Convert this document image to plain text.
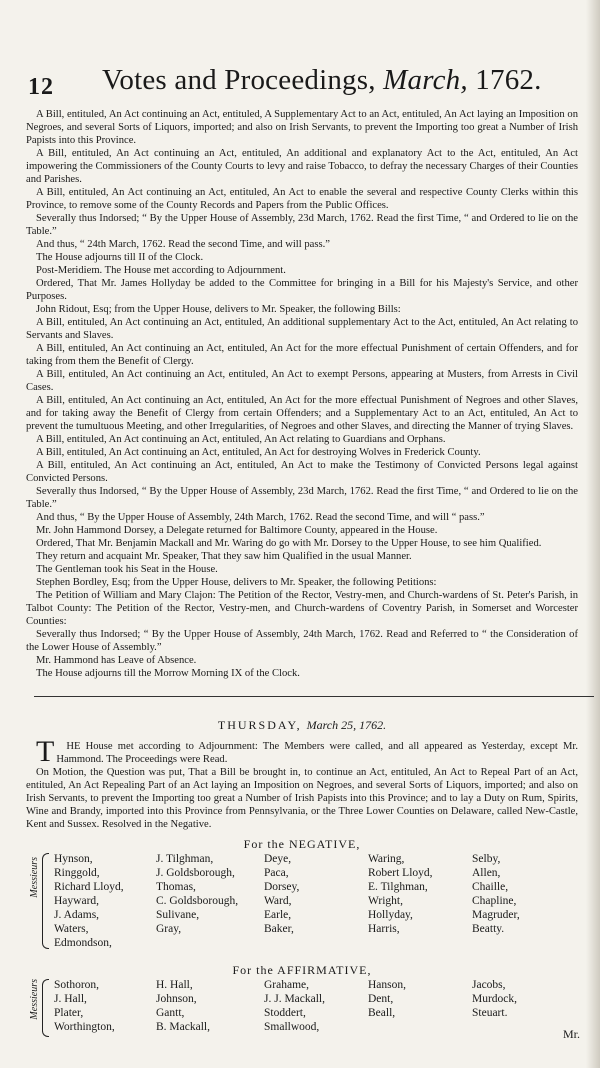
12 Votes and Proceedings, March, 1762.

A Bill, entituled, An Act continuing an Act, entituled, A Supplementary Act to an Act, entituled, An Act laying an Imposition on Negroes, and several Sorts of Liquors, imported; and also on Irish Servants, to prevent the Importing too great a Number of Irish Papists into this Province.

A Bill, entituled, An Act continuing an Act, entituled, An additional and explanatory Act to the Act, entituled, An Act impowering the Commissioners of the County Courts to levy and raise Tobacco, to defray the necessary Charges of their Counties and Parishes.

A Bill, entituled, An Act continuing an Act, entituled, An Act to enable the several and respective County Clerks within this Province, to remove some of the County Records and Papers from the Public Offices.

Severally thus Indorsed; “ By the Upper House of Assembly, 23d March, 1762. Read the first Time, “ and Ordered to lie on the Table.”

And thus, “ 24th March, 1762. Read the second Time, and will pass.”

The House adjourns till II of the Clock.

Post-Meridiem. The House met according to Adjournment.

Ordered, That Mr. James Hollyday be added to the Committee for bringing in a Bill for his Majesty's Service, and other Purposes.

John Ridout, Esq; from the Upper House, delivers to Mr. Speaker, the following Bills:

A Bill, entituled, An Act continuing an Act, entituled, An additional supplementary Act to the Act, entituled, An Act relating to Servants and Slaves.

A Bill, entituled, An Act continuing an Act, entituled, An Act for the more effectual Punishment of certain Offenders, and for taking from them the Benefit of Clergy.

A Bill, entituled, An Act continuing an Act, entituled, An Act to exempt Persons, appearing at Musters, from Arrests in Civil Cases.

A Bill, entituled, An Act continuing an Act, entituled, An Act for the more effectual Punishment of Negroes and other Slaves, and for taking away the Benefit of Clergy from certain Offenders; and a Supplementary Act to an Act, entituled, An Act to prevent the tumultuous Meeting, and other Irregularities, of Negroes and other Slaves, and directing the Manner of trying Slaves.

A Bill, entituled, An Act continuing an Act, entituled, An Act relating to Guardians and Orphans.

A Bill, entituled, An Act continuing an Act, entituled, An Act for destroying Wolves in Frederick County.

A Bill, entituled, An Act continuing an Act, entituled, An Act to make the Testimony of Convicted Persons legal against Convicted Persons.

Severally thus Indorsed, “ By the Upper House of Assembly, 23d March, 1762. Read the first Time, “ and Ordered to lie on the Table.”

And thus, “ By the Upper House of Assembly, 24th March, 1762. Read the second Time, and will “ pass.”

Mr. John Hammond Dorsey, a Delegate returned for Baltimore County, appeared in the House.

Ordered, That Mr. Benjamin Mackall and Mr. Waring do go with Mr. Dorsey to the Upper House, to see him Qualified.

They return and acquaint Mr. Speaker, That they saw him Qualified in the usual Manner.

The Gentleman took his Seat in the House.

Stephen Bordley, Esq; from the Upper House, delivers to Mr. Speaker, the following Petitions:

The Petition of William and Mary Clajon: The Petition of the Rector, Vestry-men, and Church-wardens of St. Peter's Parish, in Talbot County: The Petition of the Rector, Vestry-men, and Church-wardens of Coventry Parish, in Somerset and Worcester Counties:

Severally thus Indorsed; “ By the Upper House of Assembly, 24th March, 1762. Read and Referred to “ the Consideration of the Lower House of Assembly.”

Mr. Hammond has Leave of Absence.

The House adjourns till the Morrow Morning IX of the Clock.

THURSDAY, March 25, 1762.

T HE House met according to Adjournment: The Members were called, and all appeared as Yesterday, except Mr. Hammond. The Proceedings were Read.

On Motion, the Question was put, That a Bill be brought in, to continue an Act, entituled, An Act to Repeal Part of an Act, entituled, An Act Repealing Part of an Act laying an Imposition on Negroes, and several Sorts of Liquors, imported; and also on Irish Servants, to prevent the Importing too great a Number of Irish Papists into this Province; and to lay a Duty on Rum, Spirits, Wine and Brandy, imported into this Province from Pennsylvania, or the Three Lower Counties on Delaware, called New-Castle, Kent and Sussex. Resolved in the Negative.

For the NEGATIVE,
Messieurs Hynson,
Ringgold,
Richard Lloyd,
Hayward,
J. Adams,
Waters,
Edmondson,
J. Tilghman,
J. Goldsborough,
Thomas,
C. Goldsborough,
Sulivane,
Gray,
Deye,
Paca,
Dorsey,
Ward,
Earle,
Baker,
Waring,
Robert Lloyd,
E. Tilghman,
Wright,
Hollyday,
Harris,
Selby,
Allen,
Chaille,
Chapline,
Magruder,
Beatty.
For the AFFIRMATIVE,
Messieurs Sothoron,
J. Hall,
Plater,
Worthington,
H. Hall,
Johnson,
Gantt,
B. Mackall,
Grahame,
J. J. Mackall,
Stoddert,
Smallwood,
Hanson,
Dent,
Beall,
Jacobs,
Murdock,
Steuart.
Mr.
